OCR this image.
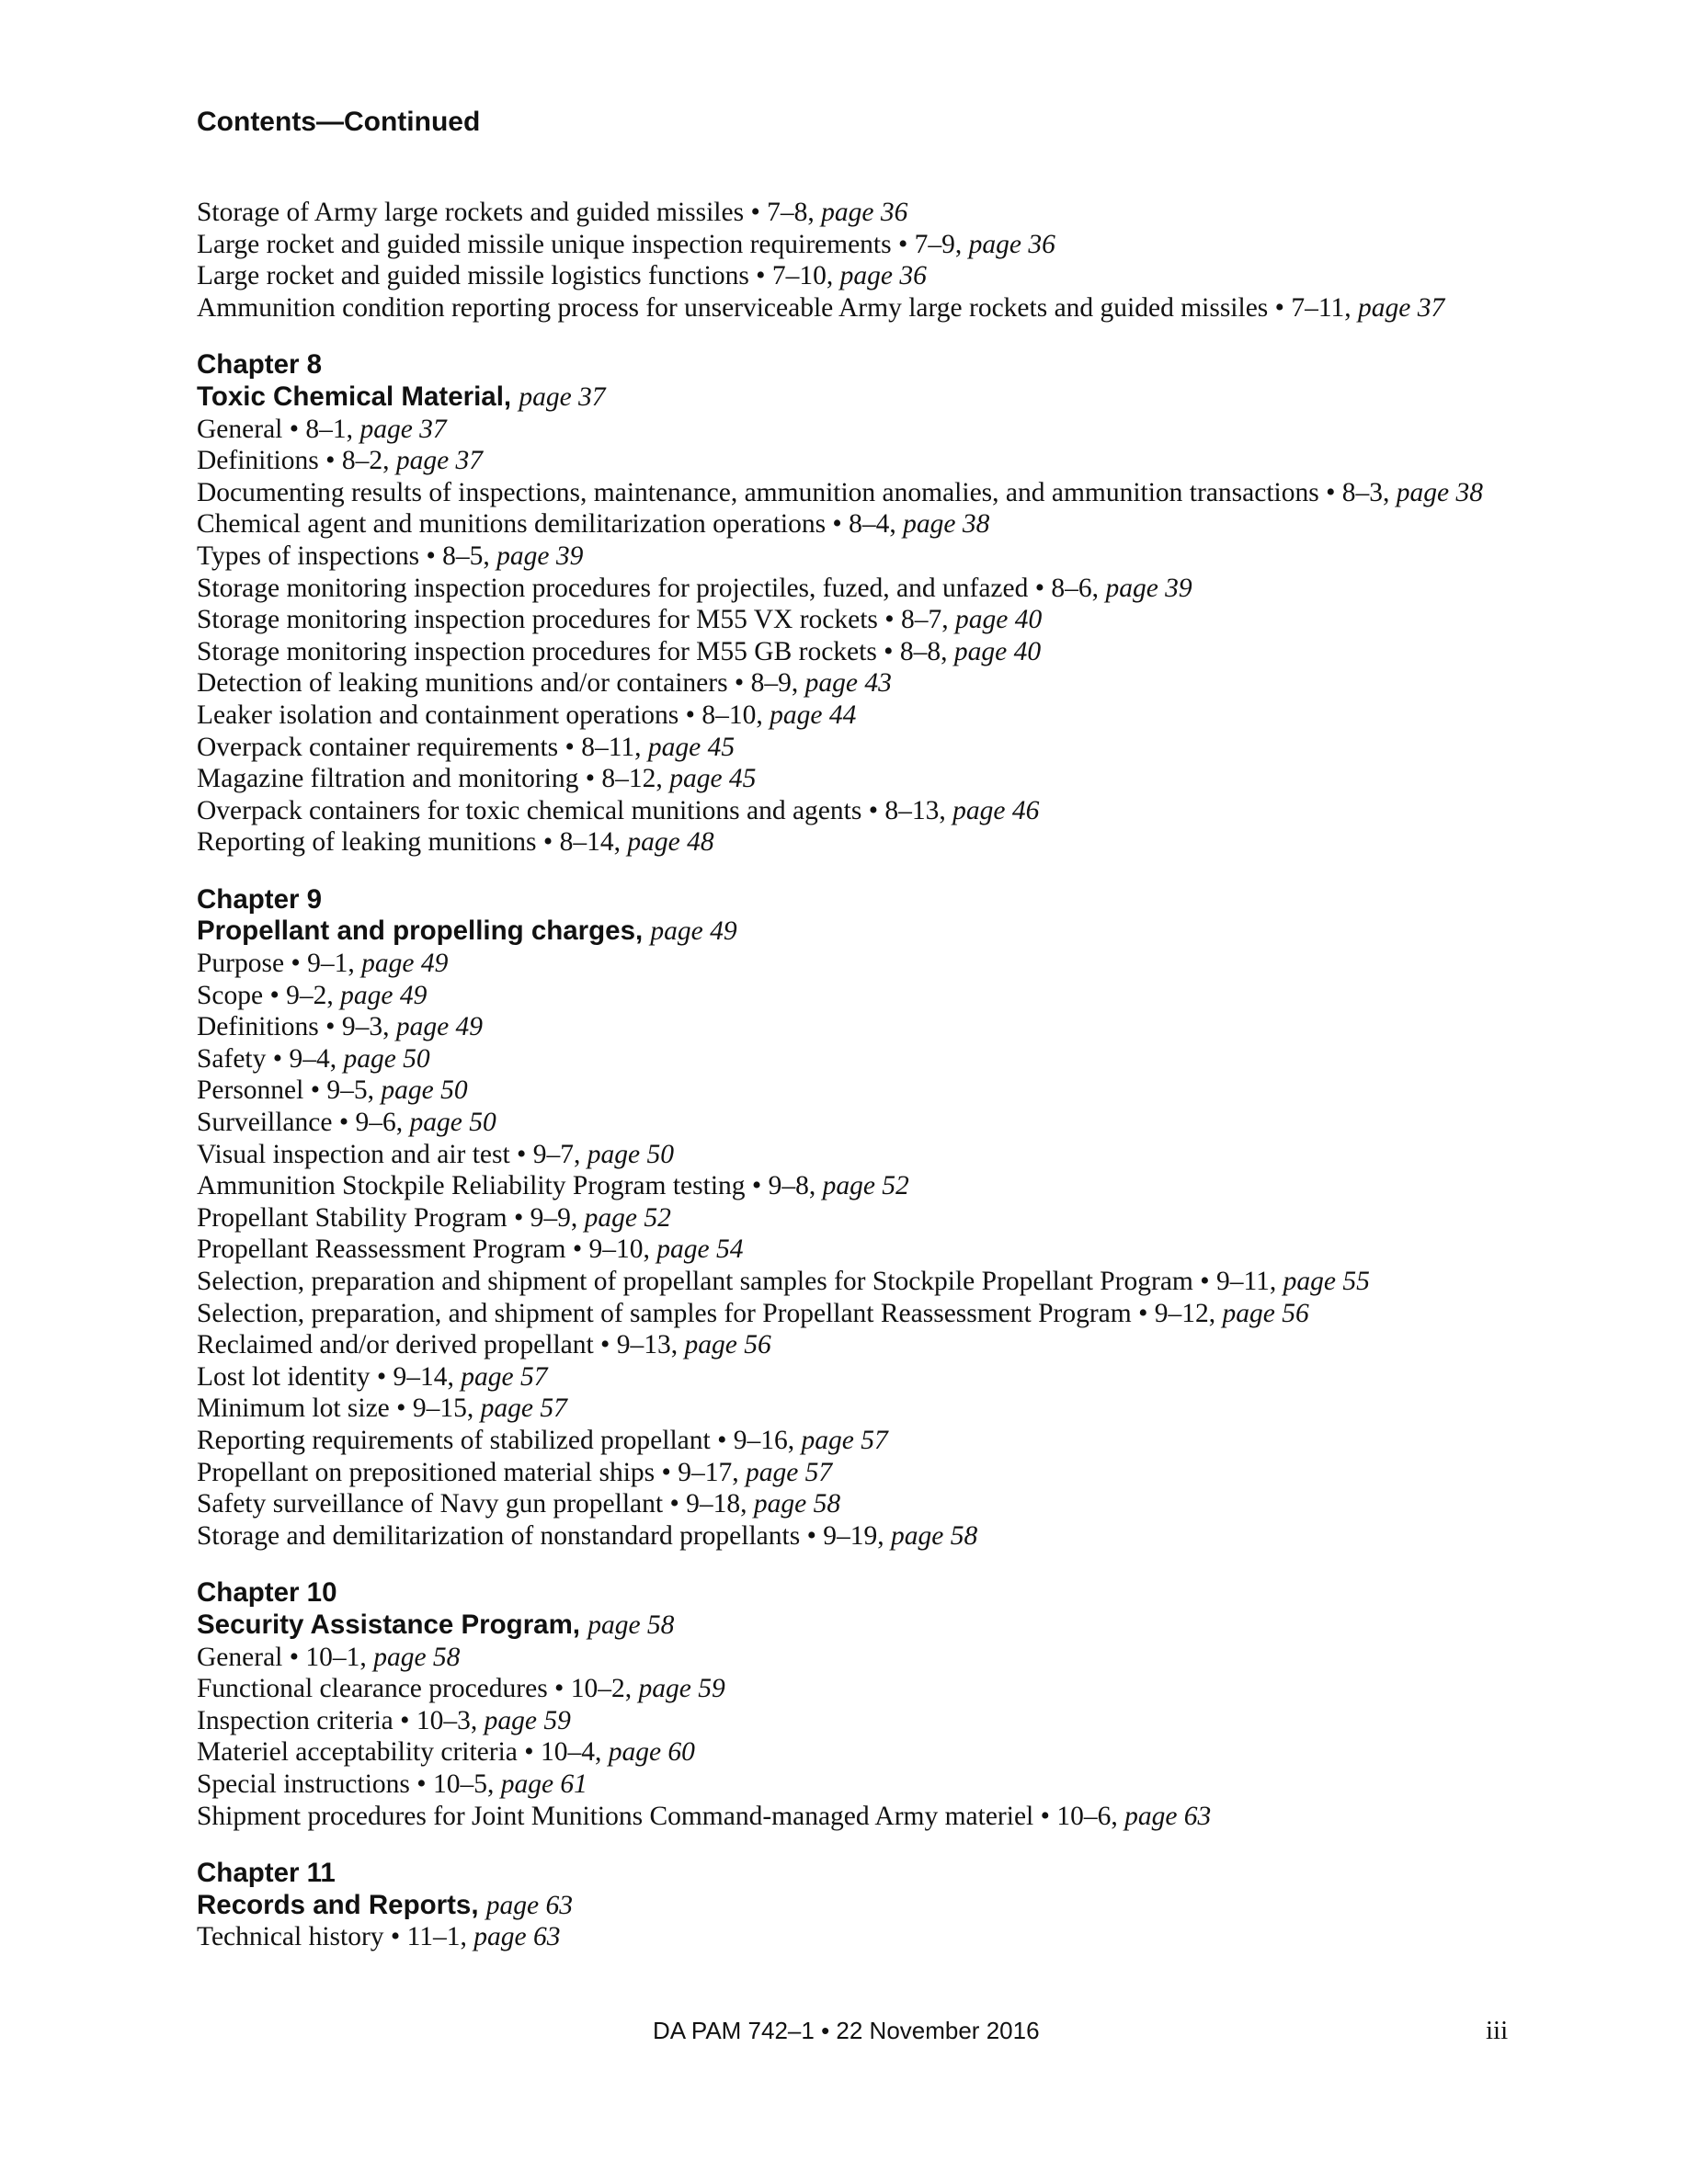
Contents—Continued
Storage of Army large rockets and guided missiles • 7–8, page 36
Large rocket and guided missile unique inspection requirements • 7–9, page 36
Large rocket and guided missile logistics functions • 7–10, page 36
Ammunition condition reporting process for unserviceable Army large rockets and guided missiles • 7–11, page 37
Chapter 8
Toxic Chemical Material, page 37
General • 8–1, page 37
Definitions • 8–2, page 37
Documenting results of inspections, maintenance, ammunition anomalies, and ammunition transactions • 8–3, page 38
Chemical agent and munitions demilitarization operations • 8–4, page 38
Types of inspections • 8–5, page 39
Storage monitoring inspection procedures for projectiles, fuzed, and unfazed • 8–6, page 39
Storage monitoring inspection procedures for M55 VX rockets • 8–7, page 40
Storage monitoring inspection procedures for M55 GB rockets • 8–8, page 40
Detection of leaking munitions and/or containers • 8–9, page 43
Leaker isolation and containment operations • 8–10, page 44
Overpack container requirements • 8–11, page 45
Magazine filtration and monitoring • 8–12, page 45
Overpack containers for toxic chemical munitions and agents • 8–13, page 46
Reporting of leaking munitions • 8–14, page 48
Chapter 9
Propellant and propelling charges, page 49
Purpose • 9–1, page 49
Scope • 9–2, page 49
Definitions • 9–3, page 49
Safety • 9–4, page 50
Personnel • 9–5, page 50
Surveillance • 9–6, page 50
Visual inspection and air test • 9–7, page 50
Ammunition Stockpile Reliability Program testing • 9–8, page 52
Propellant Stability Program • 9–9, page 52
Propellant Reassessment Program • 9–10, page 54
Selection, preparation and shipment of propellant samples for Stockpile Propellant Program • 9–11, page 55
Selection, preparation, and shipment of samples for Propellant Reassessment Program • 9–12, page 56
Reclaimed and/or derived propellant • 9–13, page 56
Lost lot identity • 9–14, page 57
Minimum lot size • 9–15, page 57
Reporting requirements of stabilized propellant • 9–16, page 57
Propellant on prepositioned material ships • 9–17, page 57
Safety surveillance of Navy gun propellant • 9–18, page 58
Storage and demilitarization of nonstandard propellants • 9–19, page 58
Chapter 10
Security Assistance Program, page 58
General • 10–1, page 58
Functional clearance procedures • 10–2, page 59
Inspection criteria • 10–3, page 59
Materiel acceptability criteria • 10–4, page 60
Special instructions • 10–5, page 61
Shipment procedures for Joint Munitions Command-managed Army materiel • 10–6, page 63
Chapter 11
Records and Reports, page 63
Technical history • 11–1, page 63
DA PAM 742–1 • 22 November 2016	iii
